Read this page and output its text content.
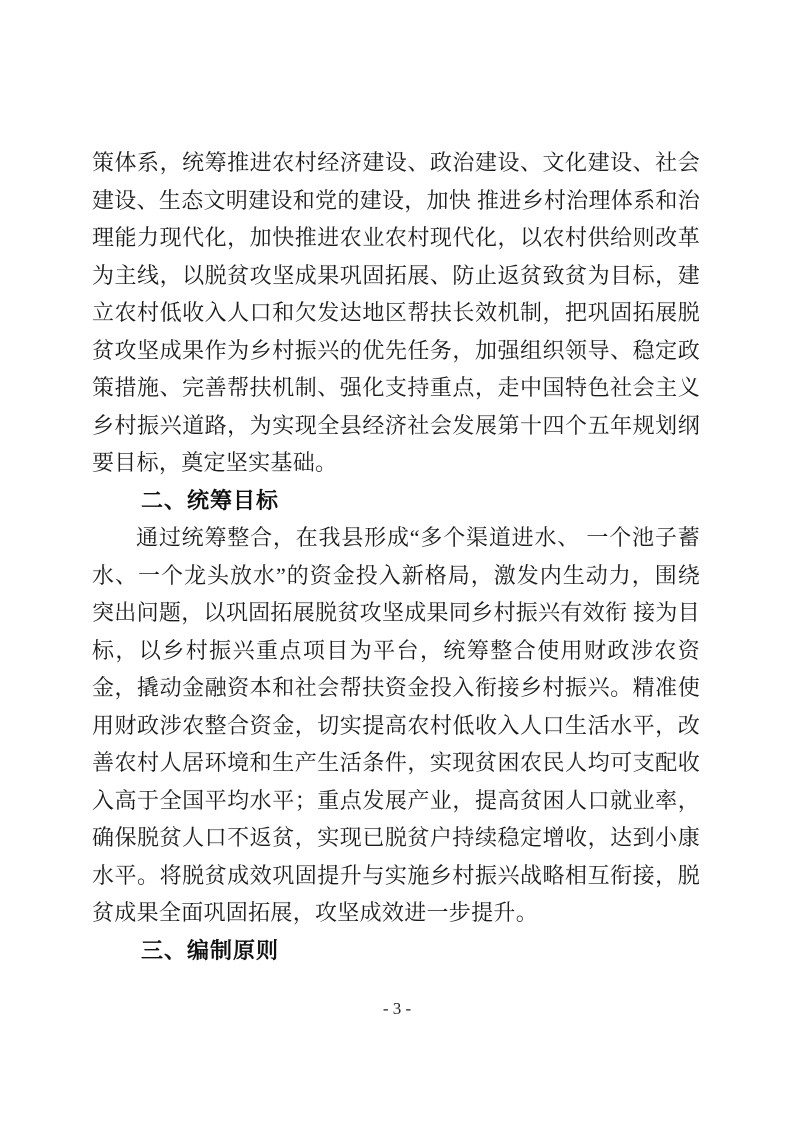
策体系，统筹推进农村经济建设、政治建设、文化建设、社会建设、生态文明建设和党的建设，加快 推进乡村治理体系和治理能力现代化，加快推进农业农村现代化，以农村供给则改革为主线，以脱贫攻坚成果巩固拓展、防止返贫致贫为目标，建立农村低收入人口和欠发达地区帮扶长效机制，把巩固拓展脱贫攻坚成果作为乡村振兴的优先任务，加强组织领导、稳定政策措施、完善帮扶机制、强化支持重点，走中国特色社会主义乡村振兴道路，为实现全县经济社会发展第十四个五年规划纲要目标，奠定坚实基础。

二、统筹目标

通过统筹整合，在我县形成“多个渠道进水、 一个池子蓄水、一个龙头放水”的资金投入新格局，激发内生动力，围绕突出问题，以巩固拓展脱贫攻坚成果同乡村振兴有效衔 接为目标，以乡村振兴重点项目为平台，统筹整合使用财政涉农资金，撬动金融资本和社会帮扶资金投入衔接乡村振兴。精准使用财政涉农整合资金，切实提高农村低收入人口生活水平，改善农村人居环境和生产生活条件，实现贫困农民人均可支配收入高于全国平均水平；重点发展产业，提高贫困人口就业率，确保脱贫人口不返贫，实现已脱贫户持续稳定增收，达到小康水平。将脱贫成效巩固提升与实施乡村振兴战略相互衔接，脱贫成果全面巩固拓展，攻坚成效进一步提升。

三、编制原则
- 3 -
